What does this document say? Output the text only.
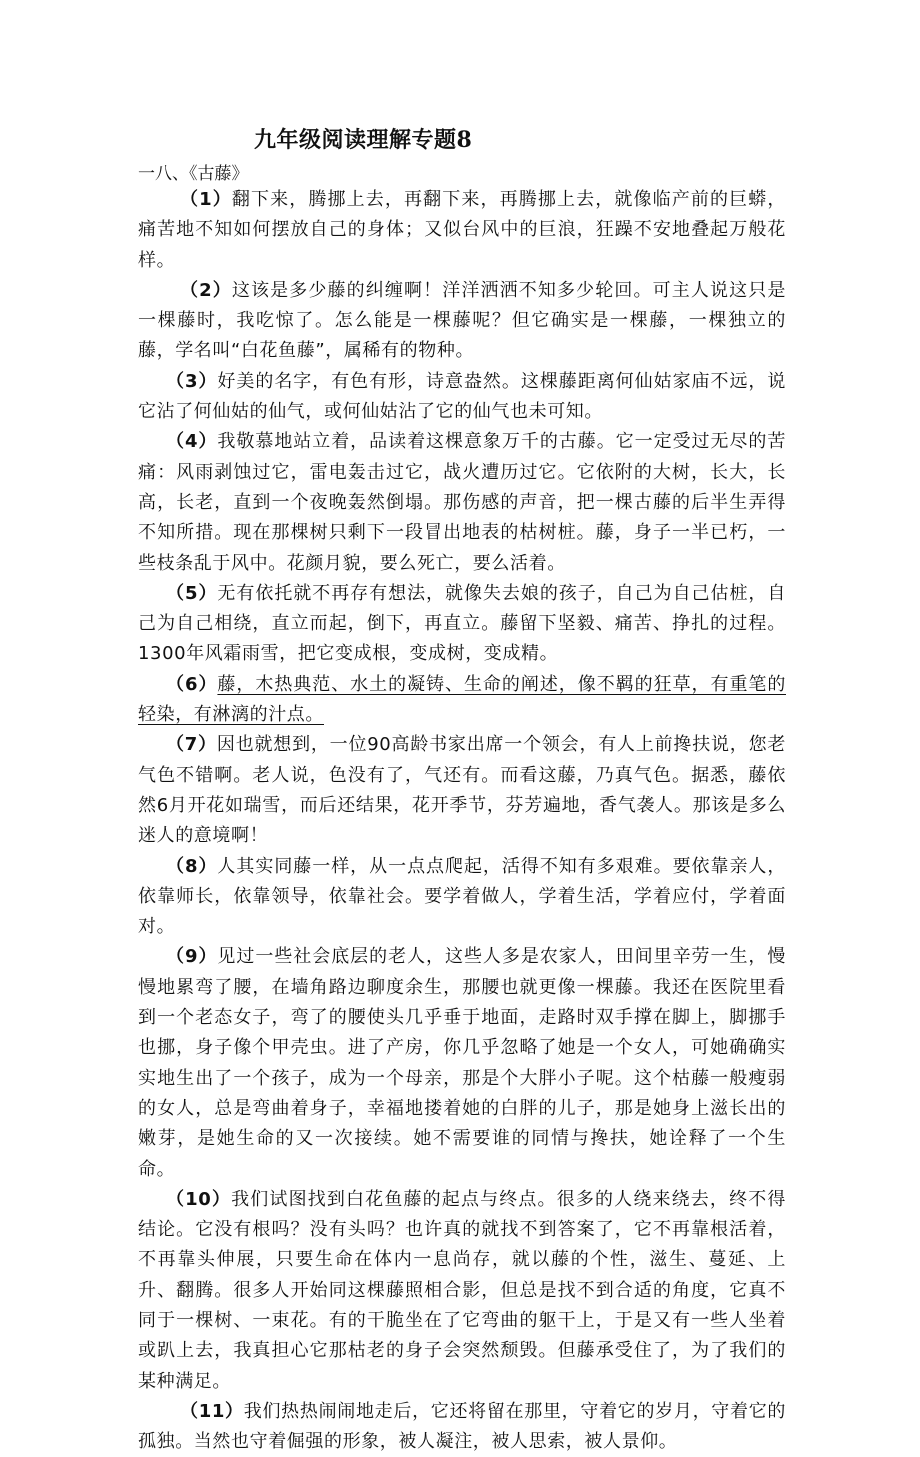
九年级阅读理解专题8
一八、《古藤》

（1）翻下来，腾挪上去，再翻下来，再腾挪上去，就像临产前的巨蟒，痛苦地不知如何摆放自己的身体；又似台风中的巨浪，狂躁不安地叠起万般花样。

（2）这该是多少藤的纠缠啊！洋洋洒洒不知多少轮回。可主人说这只是一棵藤时，我吃惊了。怎么能是一棵藤呢？但它确实是一棵藤，一棵独立的藤，学名叫“白花鱼藤”，属稀有的物种。

（3）好美的名字，有色有形，诗意盎然。这棵藤距离何仙姑家庙不远，说它沾了何仙姑的仙气，或何仙姑沾了它的仙气也未可知。

（4）我敬慕地站立着，品读着这棵意象万千的古藤。它一定受过无尽的苦痛：风雨剥蚀过它，雷电轰击过它，战火遭历过它。它依附的大树，长大，长高，长老，直到一个夜晚轰然倒塌。那伤感的声音，把一棵古藤的后半生弄得不知所措。现在那棵树只剩下一段冒出地表的枯树桩。藤，身子一半已朽，一些枝条乱于风中。花颜月貌，要么死亡，要么活着。

（5）无有依托就不再存有想法，就像失去娘的孩子，自己为自己估桩，自己为自己相绕，直立而起，倒下，再直立。藤留下坚毅、痛苦、挣扎的过程。1300年风霜雨雪，把它变成根，变成树，变成精。

（6）藤，木热典范、水土的凝铸、生命的阐述，像不羁的狂草，有重笔的轻染，有淋漓的汁点。

（7）因也就想到，一位90高龄书家出席一个领会，有人上前搀扶说，您老气色不错啊。老人说，色没有了，气还有。而看这藤，乃真气色。据悉，藤依然6月开花如瑞雪，而后还结果，花开季节，芬芳遍地，香气袭人。那该是多么迷人的意境啊！

（8）人其实同藤一样，从一点点爬起，活得不知有多艰难。要依靠亲人，依靠师长，依靠领导，依靠社会。要学着做人，学着生活，学着应付，学着面对。

（9）见过一些社会底层的老人，这些人多是农家人，田间里辛劳一生，慢慢地累弯了腰，在墙角路边聊度余生，那腰也就更像一棵藤。我还在医院里看到一个老态女子，弯了的腰使头几乎垂于地面，走路时双手撑在脚上，脚挪手也挪，身子像个甲壳虫。进了产房，你几乎忽略了她是一个女人，可她确确实实地生出了一个孩子，成为一个母亲，那是个大胖小子呢。这个枯藤一般瘦弱的女人，总是弯曲着身子，幸福地搂着她的白胖的儿子，那是她身上滋长出的嫩芽，是她生命的又一次接续。她不需要谁的同情与搀扶，她诠释了一个生命。

（10）我们试图找到白花鱼藤的起点与终点。很多的人绕来绕去，终不得结论。它没有根吗？没有头吗？也许真的就找不到答案了，它不再靠根活着，不再靠头伸展，只要生命在体内一息尚存，就以藤的个性，滋生、蔓延、上升、翻腾。很多人开始同这棵藤照相合影，但总是找不到合适的角度，它真不同于一棵树、一束花。有的干脆坐在了它弯曲的躯干上，于是又有一些人坐着或趴上去，我真担心它那枯老的身子会突然颓毁。但藤承受住了，为了我们的某种满足。

（11）我们热热闹闹地走后，它还将留在那里，守着它的岁月，守着它的孤独。当然也守着倔强的形象，被人凝注，被人思索，被人景仰。
